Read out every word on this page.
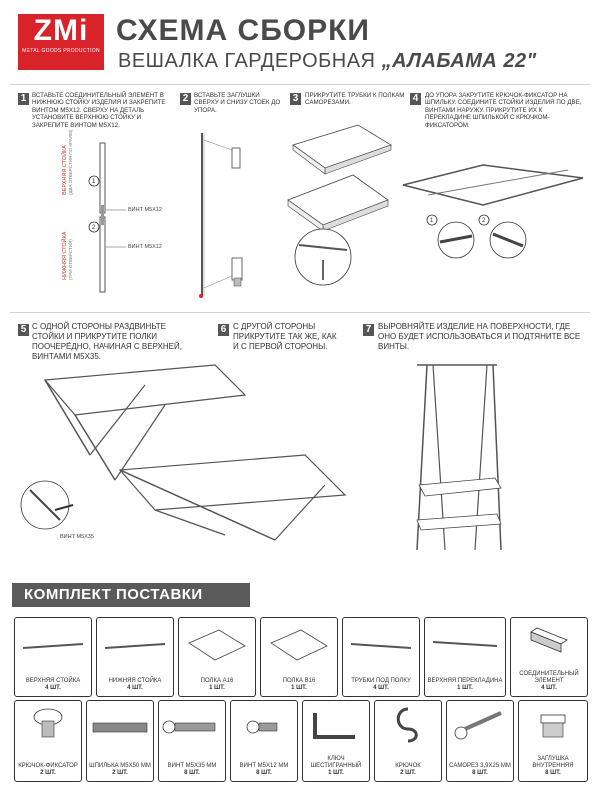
ZMi
METAL GOODS PRODUCTION
СХЕМА СБОРКИ
ВЕШАЛКА ГАРДЕРОБНАЯ „АЛАБАМА 22"
1 ВСТАВЬТЕ СОЕДИНИТЕЛЬНЫЙ ЭЛЕМЕНТ В НИЖНЮЮ СТОЙКУ ИЗДЕЛИЯ И ЗАКРЕПИТЕ ВИНТОМ М5Х12. СВЕРХУ НА ДЕТАЛЬ УСТАНОВИТЕ ВЕРХНЮЮ СТОЙКУ И ЗАКРЕПИТЕ ВИНТОМ М5Х12.
ВЕРХНЯЯ СТОЙКА
(ДВА ОТВЕРСТИЯ ПО КРАЯМ)
НИЖНЯЯ СТОЙКА
(ТРИ ОТВЕРСТИЯ)
1
2
ВИНТ М5Х12
ВИНТ М5Х12
2 ВСТАВЬТЕ ЗАГЛУШКИ СВЕРХУ И СНИЗУ СТОЕК ДО УПОРА.
3	ПРИКРУТИТЕ ТРУБКИ К ПОЛКАМ САМОРЕЗАМИ.	4	ДО УПОРА ЗАКРУТИТЕ КРЮЧОК-ФИКСАТОР НА ШПИЛЬКУ. СОЕДИНИТЕ СТОЙКИ ИЗДЕЛИЯ ПО ДВЕ, ВИНТАМИ НАРУЖУ. ПРИКРУТИТЕ ИХ К ПЕРЕКЛАДИНЕ ШПИЛЬКОЙ С КРЮЧКОМ-ФИКСАТОРОМ.
1	2
5 С ОДНОЙ СТОРОНЫ РАЗДВИНЬТЕ СТОЙКИ И ПРИКРУТИТЕ ПОЛКИ ПООЧЕРЁДНО, НАЧИНАЯ С ВЕРХНЕЙ, ВИНТАМИ М5Х35.
ВИНТ М5Х35
6 С ДРУГОЙ СТОРОНЫ ПРИКРУТИТЕ ТАК ЖЕ, КАК И С ПЕРВОЙ СТОРОНЫ.
7 ВЫРОВНЯЙТЕ ИЗДЕЛИЕ НА ПОВЕРХНОСТИ, ГДЕ ОНО БУДЕТ ИСПОЛЬЗОВАТЬСЯ И ПОДТЯНИТЕ ВСЕ ВИНТЫ.
КОМПЛЕКТ ПОСТАВКИ
ВЕРХНЯЯ СТОЙКА
4 ШТ.
НИЖНЯЯ СТОЙКА
4 ШТ.
ПОЛКА А16
1 ШТ.
ПОЛКА В16
1 ШТ.
ТРУБКИ ПОД ПОЛКУ
4 ШТ.
ВЕРХНЯЯ ПЕРЕКЛАДИНА
1 ШТ.
СОЕДИНИТЕЛЬНЫЙ ЭЛЕМЕНТ
4 ШТ.
КРЮЧОК-ФИКСАТОР
2 ШТ.
ШПИЛЬКА М5Х50 ММ
2 ШТ.
ВИНТ М5Х35 ММ
8 ШТ.
ВИНТ М5Х12 ММ
8 ШТ.
КЛЮЧ ШЕСТИГРАННЫЙ
1 ШТ.
КРЮЧОК
2 ШТ.
САМОРЕЗ 3,9Х25 ММ
8 ШТ.
ЗАГЛУШКА ВНУТРЕННЯЯ
8 ШТ.
